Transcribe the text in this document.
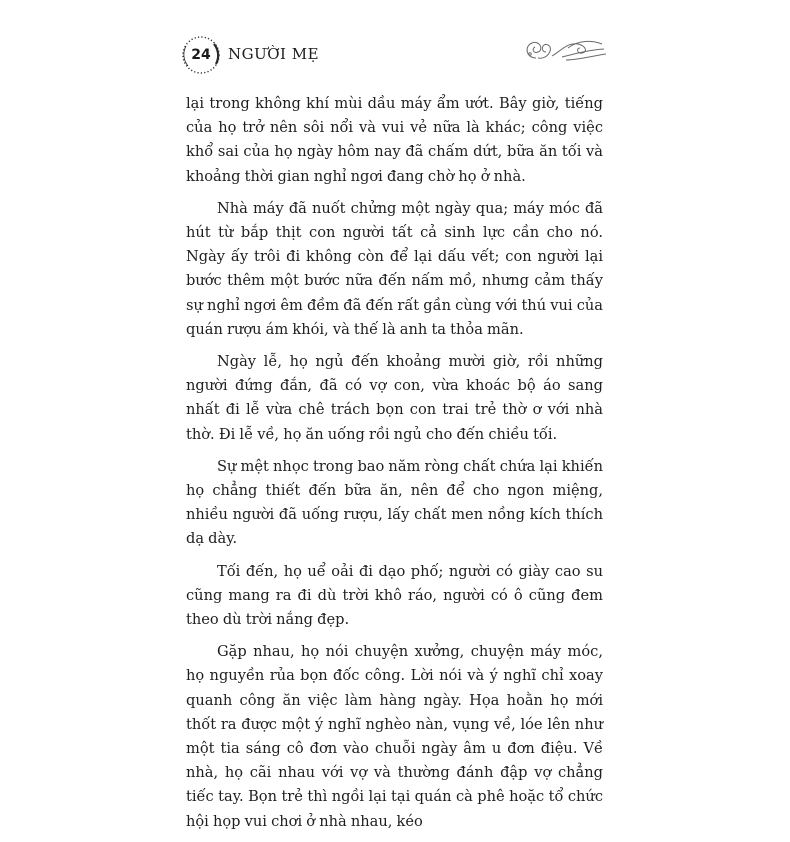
24	NGƯỜI MẸ

lại trong không khí mùi dầu máy ẩm ướt. Bây giờ, tiếng của họ trở nên sôi nổi và vui vẻ nữa là khác; công việc khổ sai của họ ngày hôm nay đã chấm dứt, bữa ăn tối và khoảng thời gian nghỉ ngơi đang chờ họ ở nhà.

Nhà máy đã nuốt chửng một ngày qua; máy móc đã hút từ bắp thịt con người tất cả sinh lực cần cho nó. Ngày ấy trôi đi không còn để lại dấu vết; con người lại bước thêm một bước nữa đến nấm mồ, nhưng cảm thấy sự nghỉ ngơi êm đềm đã đến rất gần cùng với thú vui của quán rượu ám khói, và thế là anh ta thỏa mãn.

Ngày lễ, họ ngủ đến khoảng mười giờ, rồi những người đứng đắn, đã có vợ con, vừa khoác bộ áo sang nhất đi lễ vừa chê trách bọn con trai trẻ thờ ơ với nhà thờ. Đi lễ về, họ ăn uống rồi ngủ cho đến chiều tối.

Sự mệt nhọc trong bao năm ròng chất chứa lại khiến họ chẳng thiết đến bữa ăn, nên để cho ngon miệng, nhiều người đã uống rượu, lấy chất men nồng kích thích dạ dày.

Tối đến, họ uể oải đi dạo phố; người có giày cao su cũng mang ra đi dù trời khô ráo, người có ô cũng đem theo dù trời nắng đẹp.

Gặp nhau, họ nói chuyện xưởng, chuyện máy móc, họ nguyền rủa bọn đốc công. Lời nói và ý nghĩ chỉ xoay quanh công ăn việc làm hàng ngày. Họa hoằn họ mới thốt ra được một ý nghĩ nghèo nàn, vụng về, lóe lên như một tia sáng cô đơn vào chuỗi ngày âm u đơn điệu. Về nhà, họ cãi nhau với vợ và thường đánh đập vợ chẳng tiếc tay. Bọn trẻ thì ngồi lại tại quán cà phê hoặc tổ chức hội họp vui chơi ở nhà nhau, kéo
